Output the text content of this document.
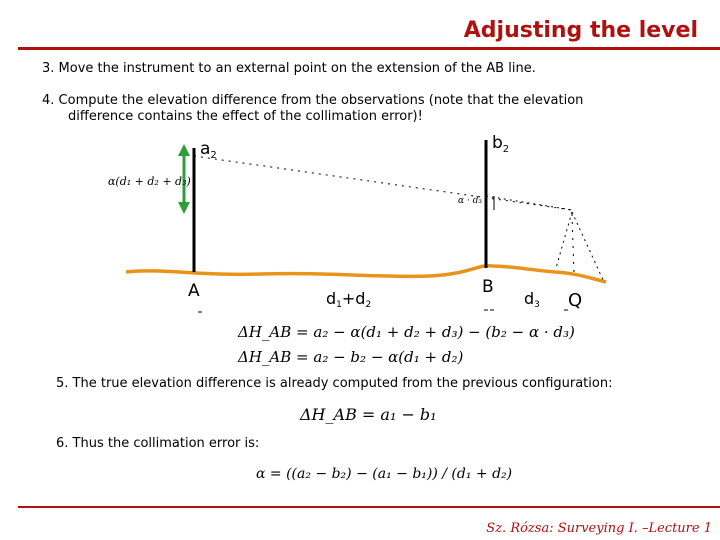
Adjusting the level
3. Move the instrument to an external point on the extension of the AB line.
4. Compute the elevation difference from the observations (note that the elevation
difference contains the effect of the collimation error)!
$a_2$
$b_2$
α(d₁ + d₂ + d₃)
α · d₃
A	B
Q
d1+d2	d3
ΔH_AB = a₂ − α(d₁ + d₂ + d₃) − (b₂ − α · d₃)
ΔH_AB = a₂ − b₂ − α(d₁ + d₂)
ΔH_AB = a₁ − b₁
α = ((a₂ − b₂) − (a₁ − b₁)) / (d₁ + d₂)
5. The true elevation difference is already computed from the previous configuration:
6. Thus the collimation error is:
Sz. Rózsa: Surveying I. –Lecture 1
